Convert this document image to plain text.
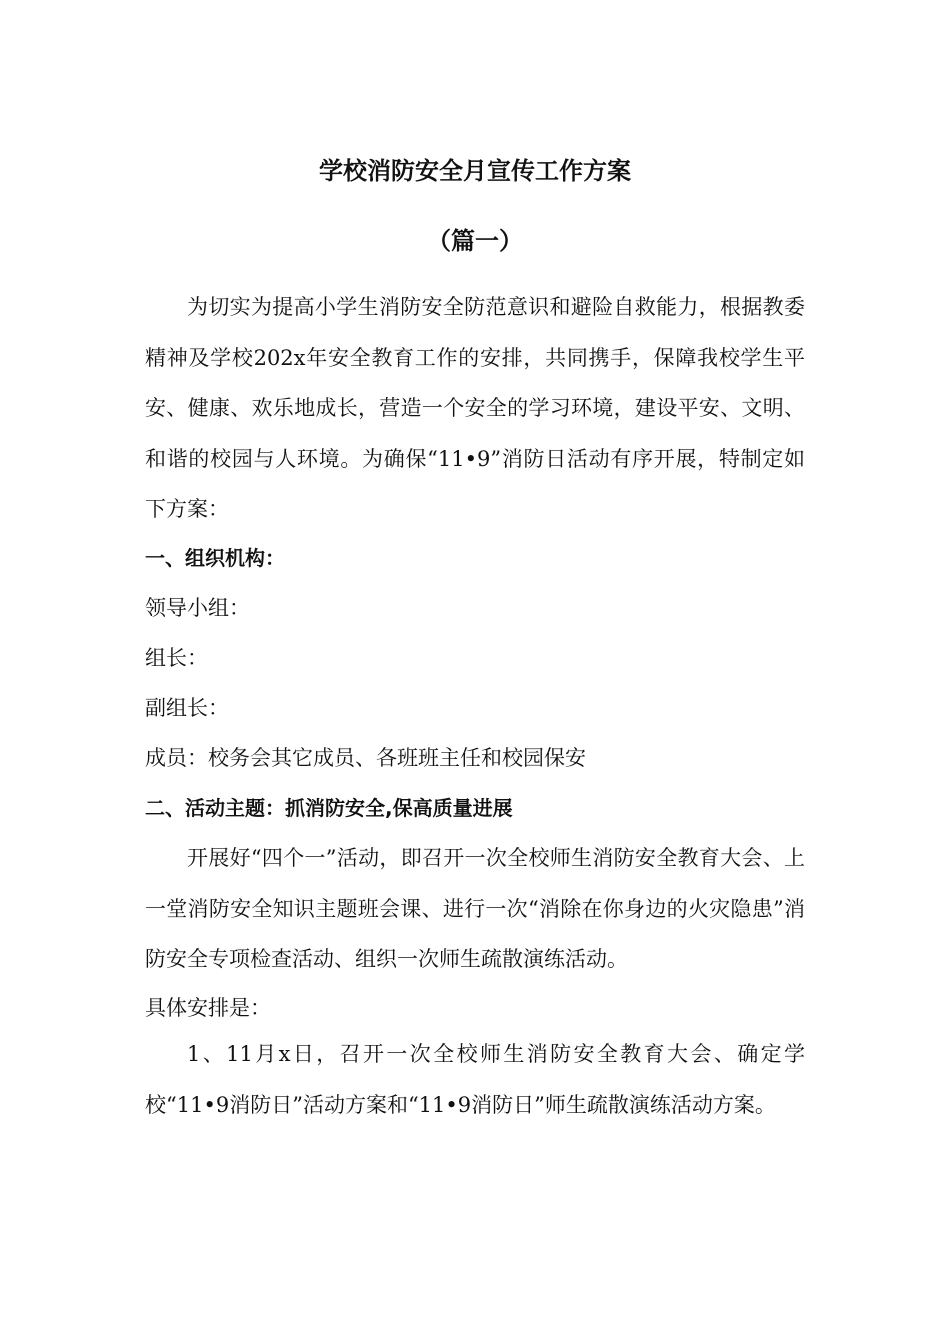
学校消防安全月宣传工作方案
（篇一）

为切实为提高小学生消防安全防范意识和避险自救能力，根据教委精神及学校202x年安全教育工作的安排，共同携手，保障我校学生平安、健康、欢乐地成长，营造一个安全的学习环境，建设平安、文明、和谐的校园与人环境。为确保“11•9”消防日活动有序开展，特制定如下方案：

一、组织机构：
领导小组：
组长：
副组长：
成员：校务会其它成员、各班班主任和校园保安
二、活动主题：抓消防安全,保高质量进展

开展好“四个一”活动，即召开一次全校师生消防安全教育大会、上一堂消防安全知识主题班会课、进行一次“消除在你身边的火灾隐患”消防安全专项检查活动、组织一次师生疏散演练活动。

具体安排是：

1、11月x日，召开一次全校师生消防安全教育大会、确定学校“11•9消防日”活动方案和“11•9消防日”师生疏散演练活动方案。
